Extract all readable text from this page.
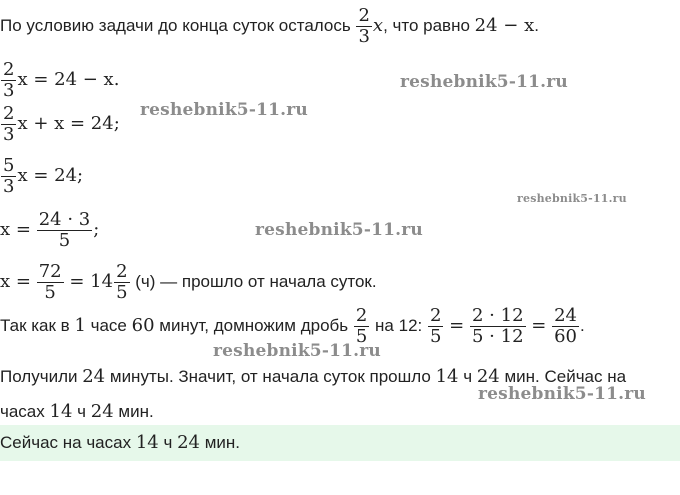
По условию задачи до конца суток осталось $\frac{2}{3} x$, что равно 24 − x.
$\frac{2}{3}$ x = 24 − x.
$\frac{2}{3}$ x + x = 24;
$\frac{5}{3}$ x = 24;
$x = \frac{24 \cdot 3}{5}$ ;
$x = \frac{72}{5} = 14 \frac{2}{5} (ч)$ — прошло от начала суток.
Так как в 1 часе 60 минут, домножим дробь $\frac{2}{5}$ на 12: $\frac{2}{5} = \frac{2 \cdot 12}{5 \cdot 12} = \frac{24}{60}$ .
Получили 24 минуты. Значит, от начала суток прошло 14 ч 24 мин. Сейчас на
часах 14 ч 24 мин.
Сейчас на часах 14 ч 24 мин.
reshebnik5-11.ru
reshebnik5-11.ru
reshebnik5-11.ru
reshebnik5-11.ru
reshebnik5-11.ru
reshebnik5-11.ru
